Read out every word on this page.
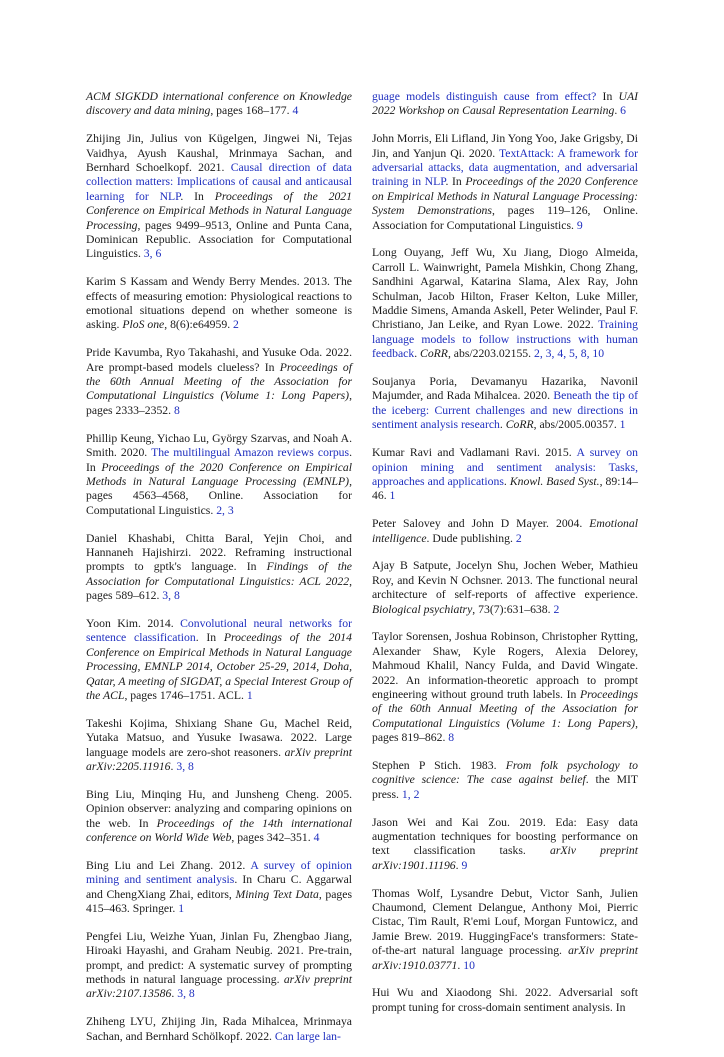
ACM SIGKDD international conference on Knowledge discovery and data mining, pages 168–177. 4
Zhijing Jin, Julius von Kügelgen, Jingwei Ni, Tejas Vaidhya, Ayush Kaushal, Mrinmaya Sachan, and Bernhard Schoelkopf. 2021. Causal direction of data collection matters: Implications of causal and anticausal learning for NLP. In Proceedings of the 2021 Conference on Empirical Methods in Natural Language Processing, pages 9499–9513, Online and Punta Cana, Dominican Republic. Association for Computational Linguistics. 3, 6
Karim S Kassam and Wendy Berry Mendes. 2013. The effects of measuring emotion: Physiological reactions to emotional situations depend on whether someone is asking. PloS one, 8(6):e64959. 2
Pride Kavumba, Ryo Takahashi, and Yusuke Oda. 2022. Are prompt-based models clueless? In Proceedings of the 60th Annual Meeting of the Association for Computational Linguistics (Volume 1: Long Papers), pages 2333–2352. 8
Phillip Keung, Yichao Lu, György Szarvas, and Noah A. Smith. 2020. The multilingual Amazon reviews corpus. In Proceedings of the 2020 Conference on Empirical Methods in Natural Language Processing (EMNLP), pages 4563–4568, Online. Association for Computational Linguistics. 2, 3
Daniel Khashabi, Chitta Baral, Yejin Choi, and Hannaneh Hajishirzi. 2022. Reframing instructional prompts to gptk's language. In Findings of the Association for Computational Linguistics: ACL 2022, pages 589–612. 3, 8
Yoon Kim. 2014. Convolutional neural networks for sentence classification. In Proceedings of the 2014 Conference on Empirical Methods in Natural Language Processing, EMNLP 2014, October 25-29, 2014, Doha, Qatar, A meeting of SIGDAT, a Special Interest Group of the ACL, pages 1746–1751. ACL. 1
Takeshi Kojima, Shixiang Shane Gu, Machel Reid, Yutaka Matsuo, and Yusuke Iwasawa. 2022. Large language models are zero-shot reasoners. arXiv preprint arXiv:2205.11916. 3, 8
Bing Liu, Minqing Hu, and Junsheng Cheng. 2005. Opinion observer: analyzing and comparing opinions on the web. In Proceedings of the 14th international conference on World Wide Web, pages 342–351. 4
Bing Liu and Lei Zhang. 2012. A survey of opinion mining and sentiment analysis. In Charu C. Aggarwal and ChengXiang Zhai, editors, Mining Text Data, pages 415–463. Springer. 1
Pengfei Liu, Weizhe Yuan, Jinlan Fu, Zhengbao Jiang, Hiroaki Hayashi, and Graham Neubig. 2021. Pre-train, prompt, and predict: A systematic survey of prompting methods in natural language processing. arXiv preprint arXiv:2107.13586. 3, 8
Zhiheng LYU, Zhijing Jin, Rada Mihalcea, Mrinmaya Sachan, and Bernhard Schölkopf. 2022. Can large lan-
guage models distinguish cause from effect? In UAI 2022 Workshop on Causal Representation Learning. 6
John Morris, Eli Lifland, Jin Yong Yoo, Jake Grigsby, Di Jin, and Yanjun Qi. 2020. TextAttack: A framework for adversarial attacks, data augmentation, and adversarial training in NLP. In Proceedings of the 2020 Conference on Empirical Methods in Natural Language Processing: System Demonstrations, pages 119–126, Online. Association for Computational Linguistics. 9
Long Ouyang, Jeff Wu, Xu Jiang, Diogo Almeida, Carroll L. Wainwright, Pamela Mishkin, Chong Zhang, Sandhini Agarwal, Katarina Slama, Alex Ray, John Schulman, Jacob Hilton, Fraser Kelton, Luke Miller, Maddie Simens, Amanda Askell, Peter Welinder, Paul F. Christiano, Jan Leike, and Ryan Lowe. 2022. Training language models to follow instructions with human feedback. CoRR, abs/2203.02155. 2, 3, 4, 5, 8, 10
Soujanya Poria, Devamanyu Hazarika, Navonil Majumder, and Rada Mihalcea. 2020. Beneath the tip of the iceberg: Current challenges and new directions in sentiment analysis research. CoRR, abs/2005.00357. 1
Kumar Ravi and Vadlamani Ravi. 2015. A survey on opinion mining and sentiment analysis: Tasks, approaches and applications. Knowl. Based Syst., 89:14–46. 1
Peter Salovey and John D Mayer. 2004. Emotional intelligence. Dude publishing. 2
Ajay B Satpute, Jocelyn Shu, Jochen Weber, Mathieu Roy, and Kevin N Ochsner. 2013. The functional neural architecture of self-reports of affective experience. Biological psychiatry, 73(7):631–638. 2
Taylor Sorensen, Joshua Robinson, Christopher Rytting, Alexander Shaw, Kyle Rogers, Alexia Delorey, Mahmoud Khalil, Nancy Fulda, and David Wingate. 2022. An information-theoretic approach to prompt engineering without ground truth labels. In Proceedings of the 60th Annual Meeting of the Association for Computational Linguistics (Volume 1: Long Papers), pages 819–862. 8
Stephen P Stich. 1983. From folk psychology to cognitive science: The case against belief. the MIT press. 1, 2
Jason Wei and Kai Zou. 2019. Eda: Easy data augmentation techniques for boosting performance on text classification tasks. arXiv preprint arXiv:1901.11196. 9
Thomas Wolf, Lysandre Debut, Victor Sanh, Julien Chaumond, Clement Delangue, Anthony Moi, Pierric Cistac, Tim Rault, R'emi Louf, Morgan Funtowicz, and Jamie Brew. 2019. HuggingFace's transformers: State-of-the-art natural language processing. arXiv preprint arXiv:1910.03771. 10
Hui Wu and Xiaodong Shi. 2022. Adversarial soft prompt tuning for cross-domain sentiment analysis. In
